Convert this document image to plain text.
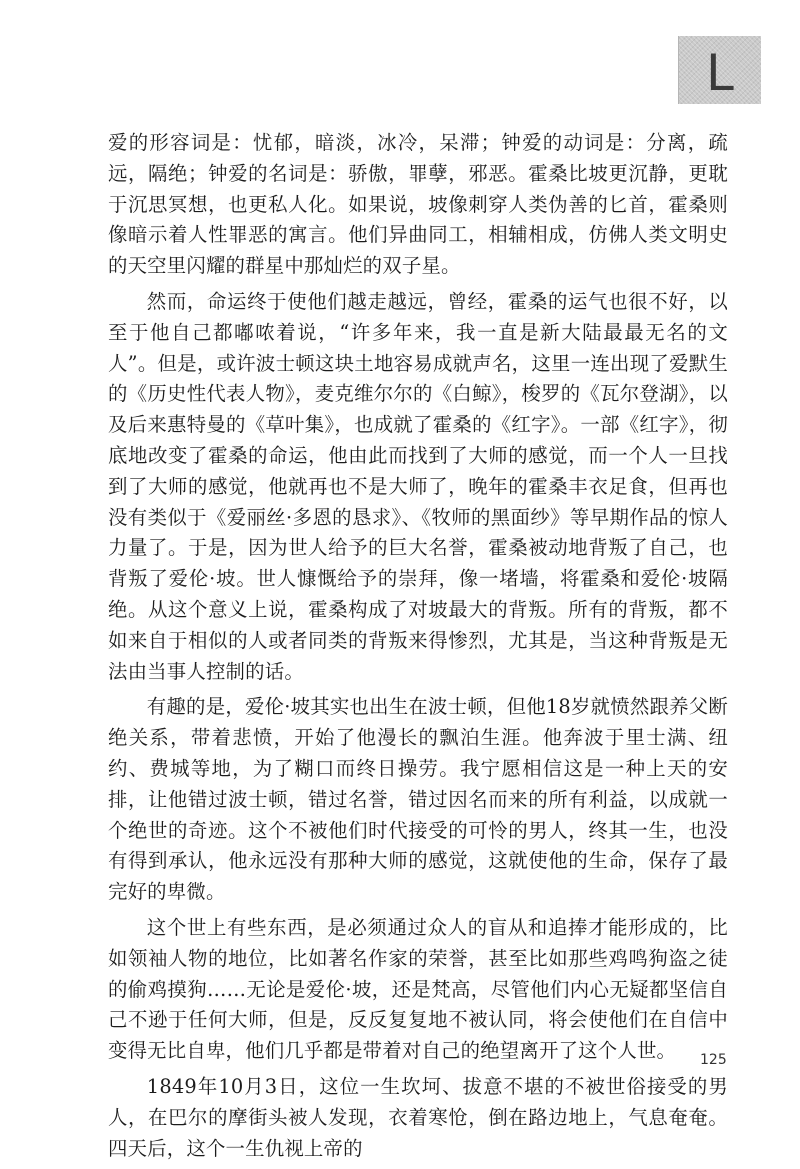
L

爱的形容词是：忧郁，暗淡，冰冷，呆滞；钟爱的动词是：分离，疏远，隔绝；钟爱的名词是：骄傲，罪孽，邪恶。霍桑比坡更沉静，更耽于沉思冥想，也更私人化。如果说，坡像刺穿人类伪善的匕首，霍桑则像暗示着人性罪恶的寓言。他们异曲同工，相辅相成，仿佛人类文明史的天空里闪耀的群星中那灿烂的双子星。

然而，命运终于使他们越走越远，曾经，霍桑的运气也很不好，以至于他自己都嘟哝着说，“许多年来，我一直是新大陆最最无名的文人”。但是，或许波士顿这块土地容易成就声名，这里一连出现了爱默生的《历史性代表人物》，麦克维尔尔的《白鲸》，梭罗的《瓦尔登湖》，以及后来惠特曼的《草叶集》，也成就了霍桑的《红字》。一部《红字》，彻底地改变了霍桑的命运，他由此而找到了大师的感觉，而一个人一旦找到了大师的感觉，他就再也不是大师了，晚年的霍桑丰衣足食，但再也没有类似于《爱丽丝·多恩的恳求》、《牧师的黑面纱》等早期作品的惊人力量了。于是，因为世人给予的巨大名誉，霍桑被动地背叛了自己，也背叛了爱伦·坡。世人慷慨给予的崇拜，像一堵墙，将霍桑和爱伦·坡隔绝。从这个意义上说，霍桑构成了对坡最大的背叛。所有的背叛，都不如来自于相似的人或者同类的背叛来得惨烈，尤其是，当这种背叛是无法由当事人控制的话。

有趣的是，爱伦·坡其实也出生在波士顿，但他18岁就愤然跟养父断绝关系，带着悲愤，开始了他漫长的飘泊生涯。他奔波于里士满、纽约、费城等地，为了糊口而终日操劳。我宁愿相信这是一种上天的安排，让他错过波士顿，错过名誉，错过因名而来的所有利益，以成就一个绝世的奇迹。这个不被他们时代接受的可怜的男人，终其一生，也没有得到承认，他永远没有那种大师的感觉，这就使他的生命，保存了最完好的卑微。

这个世上有些东西，是必须通过众人的盲从和追捧才能形成的，比如领袖人物的地位，比如著名作家的荣誉，甚至比如那些鸡鸣狗盗之徒的偷鸡摸狗……无论是爱伦·坡，还是梵高，尽管他们内心无疑都坚信自己不逊于任何大师，但是，反反复复地不被认同，将会使他们在自信中变得无比自卑，他们几乎都是带着对自己的绝望离开了这个人世。

1849年10月3日，这位一生坎坷、拔意不堪的不被世俗接受的男人，在巴尔的摩街头被人发现，衣着寒怆，倒在路边地上，气息奄奄。四天后，这个一生仇视上帝的

125
